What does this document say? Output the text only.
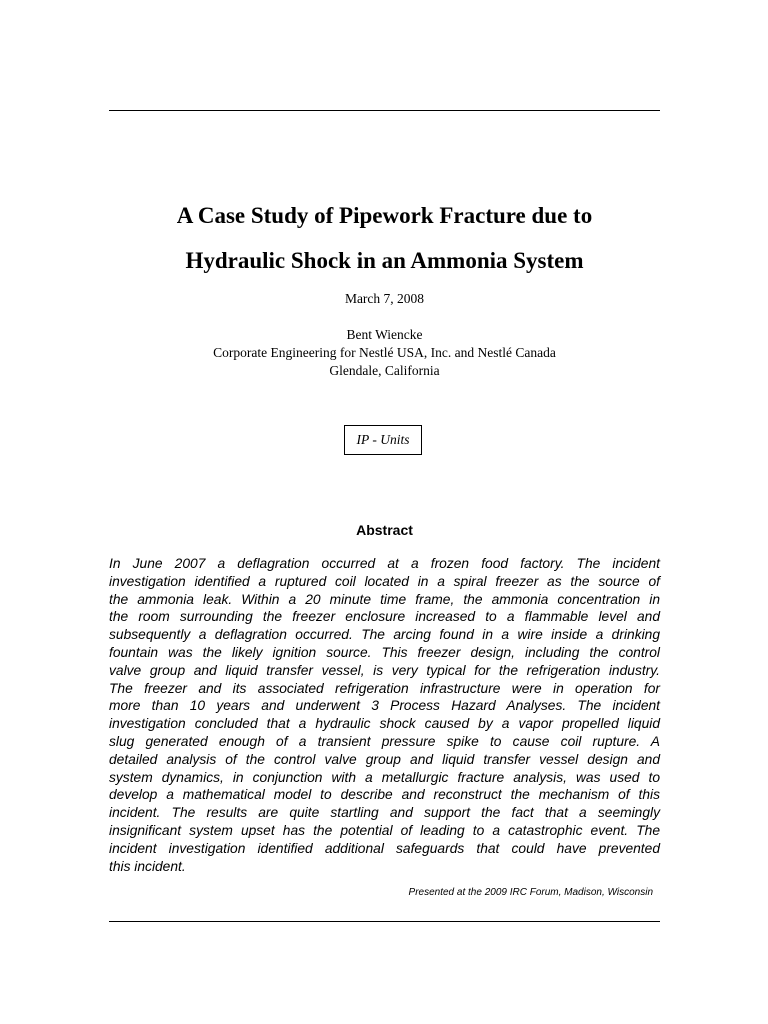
A Case Study of Pipework Fracture due to
Hydraulic Shock in an Ammonia System
March 7, 2008
Bent Wiencke
Corporate Engineering for Nestlé USA, Inc. and Nestlé Canada
Glendale, California
IP - Units
Abstract
In June 2007 a deflagration occurred at a frozen food factory. The incident
investigation identified a ruptured coil located in a spiral freezer as the source of
the ammonia leak. Within a 20 minute time frame, the ammonia concentration in
the room surrounding the freezer enclosure increased to a flammable level and
subsequently a deflagration occurred. The arcing found in a wire inside a drinking
fountain was the likely ignition source. This freezer design, including the control
valve group and liquid transfer vessel, is very typical for the refrigeration industry.
The freezer and its associated refrigeration infrastructure were in operation for
more than 10 years and underwent 3 Process Hazard Analyses. The incident
investigation concluded that a hydraulic shock caused by a vapor propelled liquid
slug generated enough of a transient pressure spike to cause coil rupture. A
detailed analysis of the control valve group and liquid transfer vessel design and
system dynamics, in conjunction with a metallurgic fracture analysis, was used to
develop a mathematical model to describe and reconstruct the mechanism of this
incident. The results are quite startling and support the fact that a seemingly
insignificant system upset has the potential of leading to a catastrophic event. The
incident investigation identified additional safeguards that could have prevented
this incident.
Presented at the 2009 IRC Forum, Madison, Wisconsin
